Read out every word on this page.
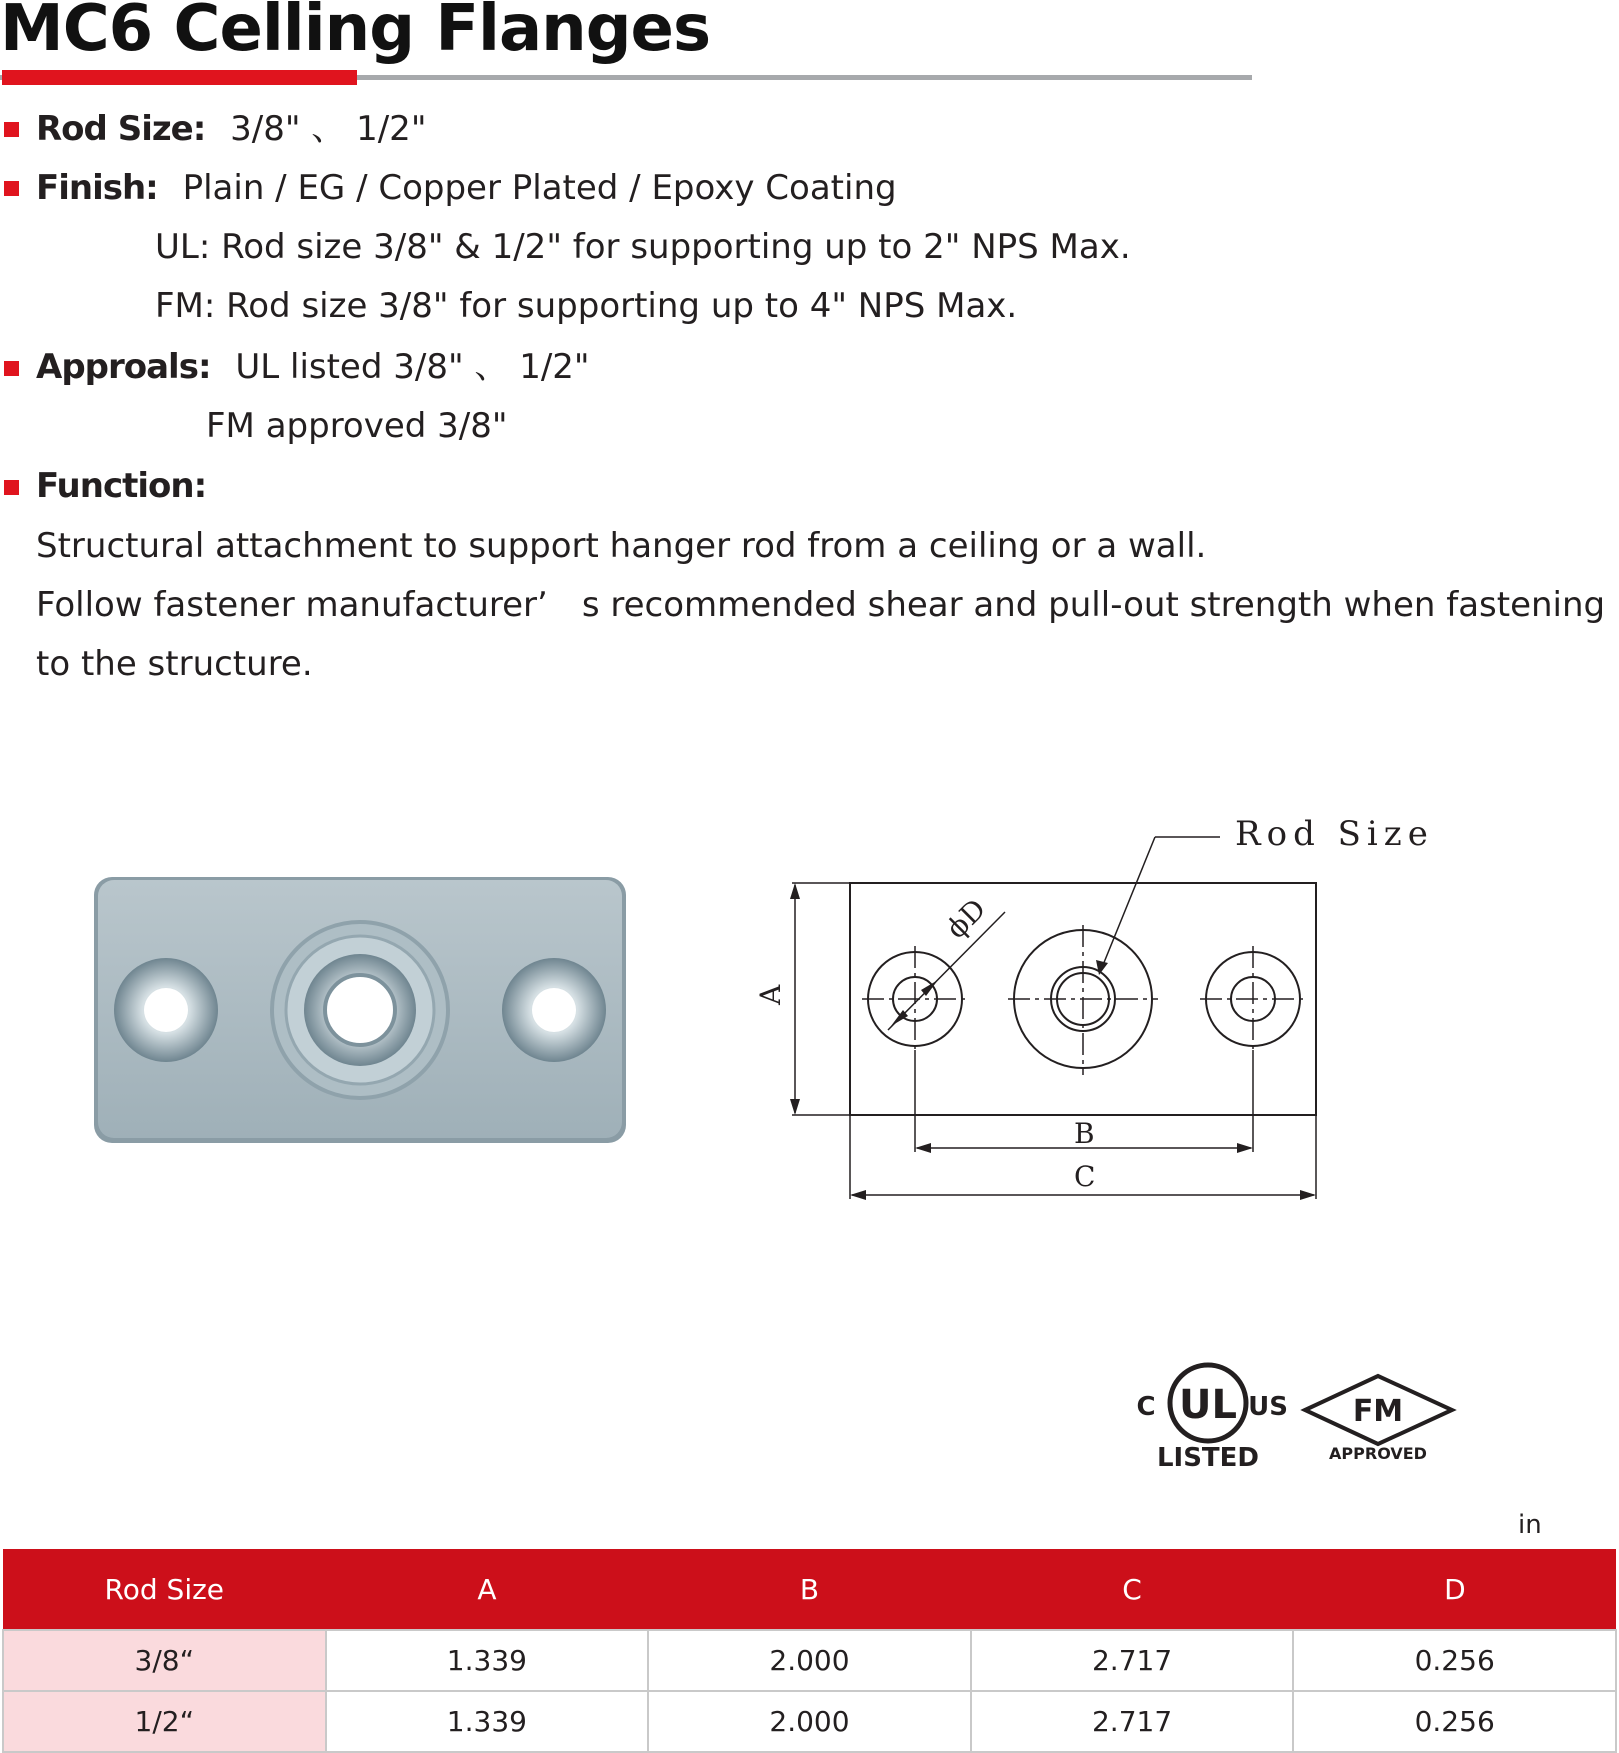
MC6 Celling Flanges
Rod Size: 3/8" 、 1/2"
Finish: Plain / EG / Copper Plated / Epoxy Coating
UL: Rod size 3/8" & 1/2" for supporting up to 2" NPS Max.
FM: Rod size 3/8" for supporting up to 4" NPS Max.
Approals: UL listed 3/8" 、 1/2"
FM approved 3/8"
Function:
Structural attachment to support hanger rod from a ceiling or a wall.
Follow fastener manufacturer’　s recommended shear and pull-out strength when fastening
to the structure.
Rod Size
A
B
C
ϕD
UL
C	US
LISTED
FM
APPROVED
in
Rod Size	A	B	C	D
3/8“	1.339	2.000	2.717	0.256
1/2“	1.339	2.000	2.717	0.256
